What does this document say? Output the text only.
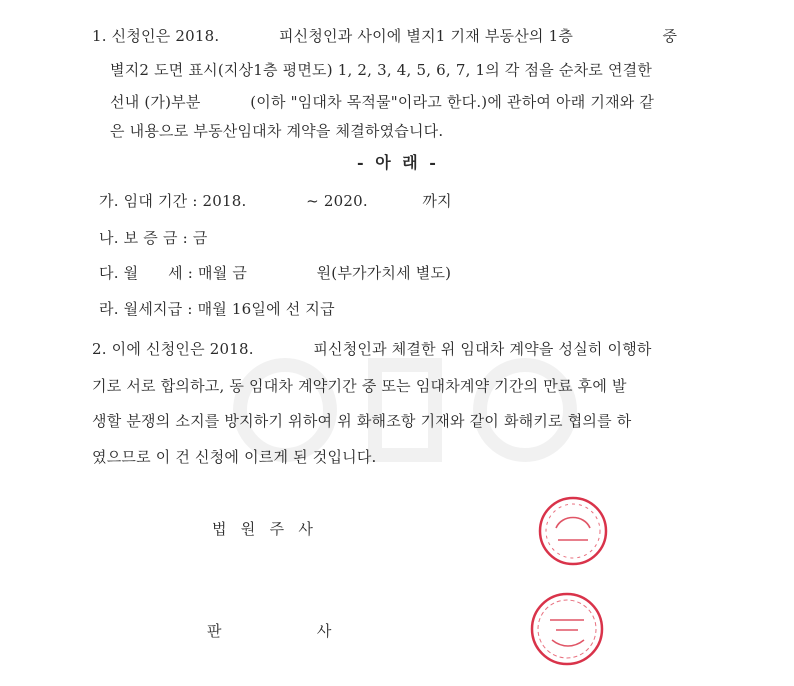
1. 신청인은 2018.            피신청인과 사이에 별지1 기재 부동산의 1층                  중
별지2 도면 표시(지상1층 평면도) 1, 2, 3, 4, 5, 6, 7, 1의 각 점을 순차로 연결한
선내 (가)부분          (이하 "임대차 목적물"이라고 한다.)에 관하여 아래 기재와 같
은 내용으로 부동산임대차 계약을 체결하였습니다.
- 아 래 -
가. 임대 기간 : 2018.            ~ 2020.           까지
나. 보 증 금 : 금
다. 월      세 : 매월 금              원(부가가치세 별도)
라. 월세지급 : 매월 16일에 선 지급
2. 이에 신청인은 2018.            피신청인과 체결한 위 임대차 계약을 성실히 이행하
기로 서로 합의하고, 동 임대차 계약기간 중 또는 임대차계약 기간의 만료 후에 발
생할 분쟁의 소지를 방지하기 위하여 위 화해조항 기재와 같이 화해키로 협의를 하
였으므로 이 건 신청에 이르게 된 것입니다.
법   원   주   사
판                    사
